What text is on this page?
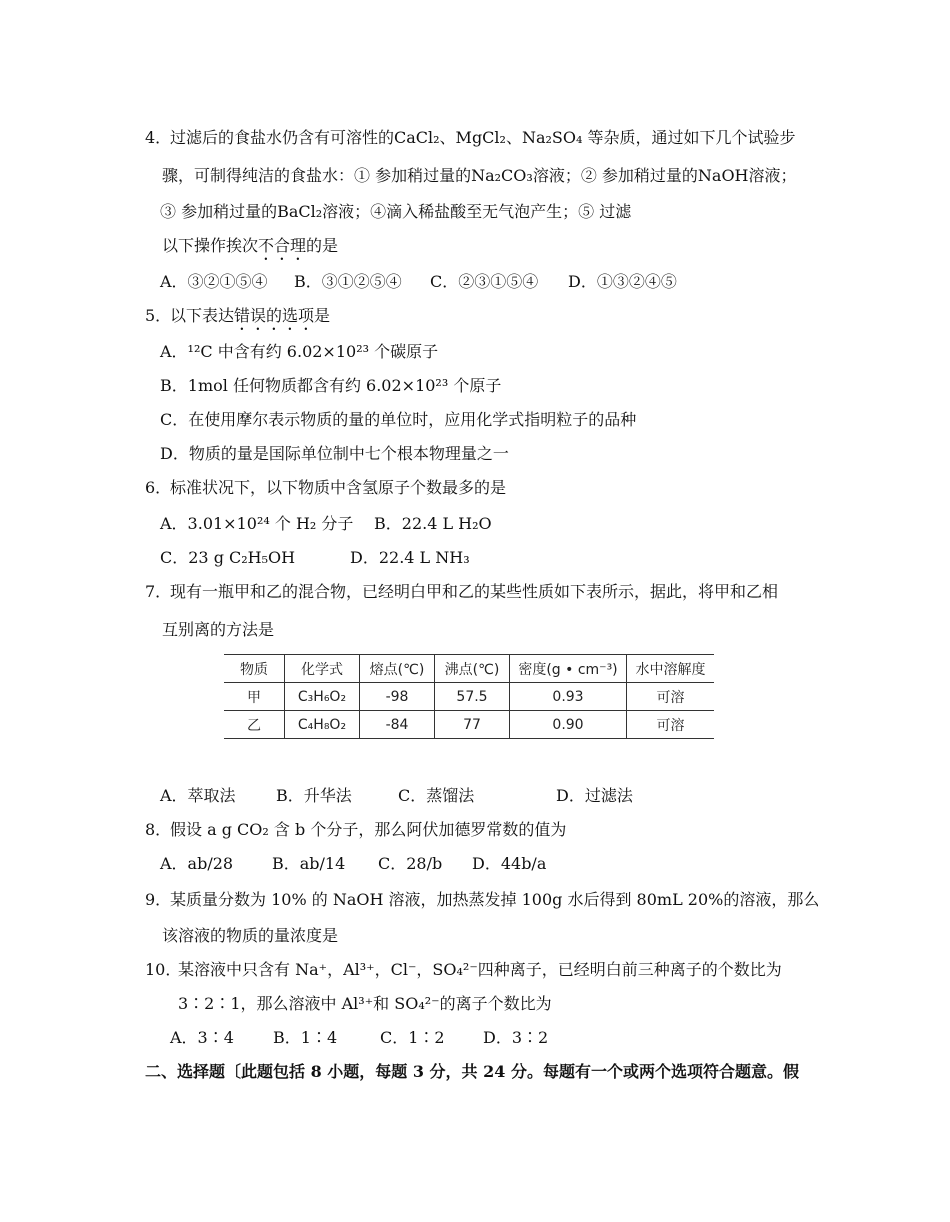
4．
过滤后的食盐水仍含有可溶性的CaCl₂、MgCl₂、Na₂SO₄ 等杂质，通过如下几个试验步
骤，可制得纯洁的食盐水：① 参加稍过量的Na₂CO₃溶液；② 参加稍过量的NaOH溶液；
③ 参加稍过量的BaCl₂溶液；④滴入稀盐酸至无气泡产生；⑤ 过滤
以下操作挨次不合理的是
A．③②①⑤④ B．③①②⑤④ C．②③①⑤④ D．①③②④⑤
5．
以下表达错误的选项是
A．¹²C 中含有约 6.02×10²³ 个碳原子
B．1mol 任何物质都含有约 6.02×10²³ 个原子
C．在使用摩尔表示物质的量的单位时，应用化学式指明粒子的品种
D．物质的量是国际单位制中七个根本物理量之一
6．
标准状况下，以下物质中含氢原子个数最多的是
A．3.01×10²⁴ 个 H₂ 分子 B．22.4 L H₂O
C．23 g C₂H₅OH	D．22.4 L NH₃
7．
现有一瓶甲和乙的混合物，已经明白甲和乙的某些性质如下表所示，据此，将甲和乙相
互别离的方法是
物质	化学式	熔点(℃)	沸点(℃)	密度(g • cm⁻³)	水中溶解度
甲	C₃H₆O₂	-98	57.5	0.93	可溶
乙	C₄H₈O₂	-84	77	0.90	可溶
A．萃取法	B．升华法	C．蒸馏法	D．过滤法
8．
假设 a g CO₂ 含 b 个分子，那么阿伏加德罗常数的值为
A．ab/28 B．ab/14 C．28/b D．44b/a
9．
某质量分数为 10% 的 NaOH 溶液，加热蒸发掉 100g 水后得到 80mL 20%的溶液，那么
该溶液的物质的量浓度是
10．
某溶液中只含有 Na⁺，Al³⁺，Cl⁻，SO₄²⁻四种离子，已经明白前三种离子的个数比为
3∶2∶1，那么溶液中 Al³⁺和 SO₄²⁻的离子个数比为
A．3∶4 B．1∶4	C．1∶2 D．3∶2
二、选择题〔此题包括 8 小题，每题 3 分，共 24 分。每题有一个或两个选项符合题意。假
